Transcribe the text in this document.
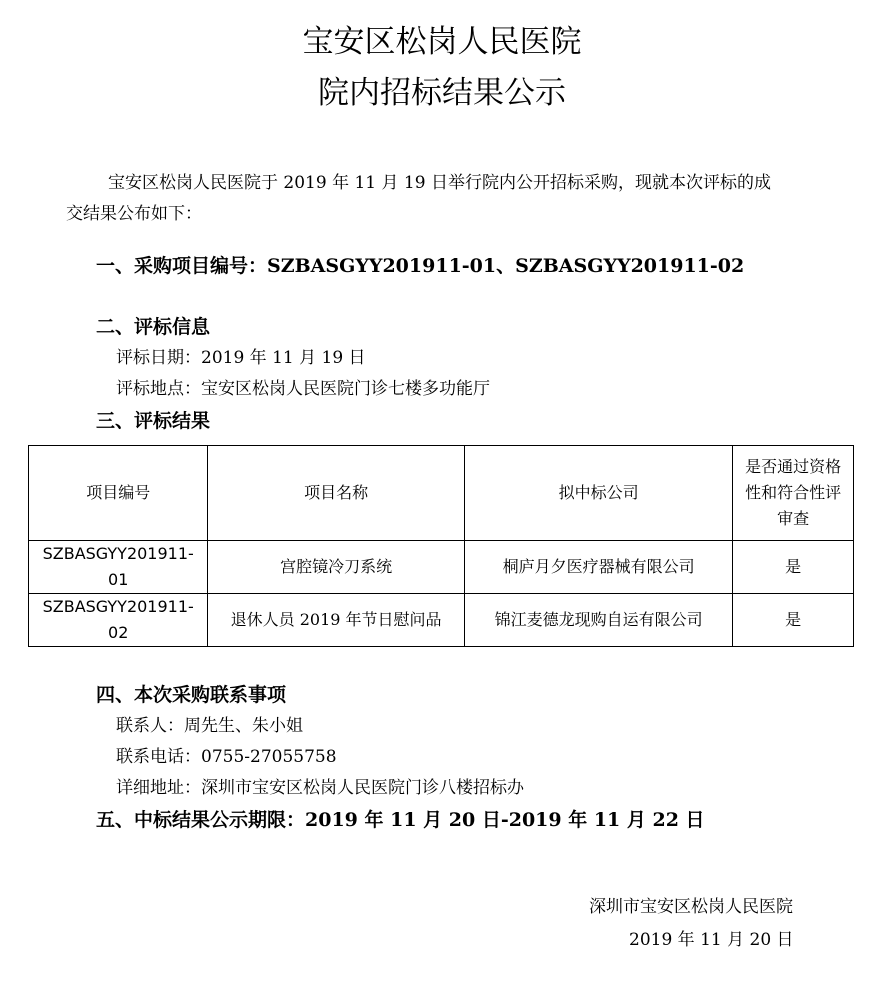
宝安区松岗人民医院
院内招标结果公示
宝安区松岗人民医院于 2019 年 11 月 19 日举行院内公开招标采购，现就本次评标的成
交结果公布如下：
一、采购项目编号：SZBASGYY201911-01、SZBASGYY201911-02
二、评标信息
评标日期：2019 年 11 月 19 日
评标地点：宝安区松岗人民医院门诊七楼多功能厅
三、评标结果
项目编号	项目名称	拟中标公司	是否通过资格性和符合性评审查
SZBASGYY201911-01	宫腔镜冷刀系统	桐庐月夕医疗器械有限公司	是
SZBASGYY201911-02	退休人员 2019 年节日慰问品	锦江麦德龙现购自运有限公司	是
四、本次采购联系事项
联系人：周先生、朱小姐
联系电话：0755-27055758
详细地址：深圳市宝安区松岗人民医院门诊八楼招标办
五、中标结果公示期限：2019 年 11 月 20 日-2019 年 11 月 22 日
深圳市宝安区松岗人民医院
2019 年 11 月 20 日
